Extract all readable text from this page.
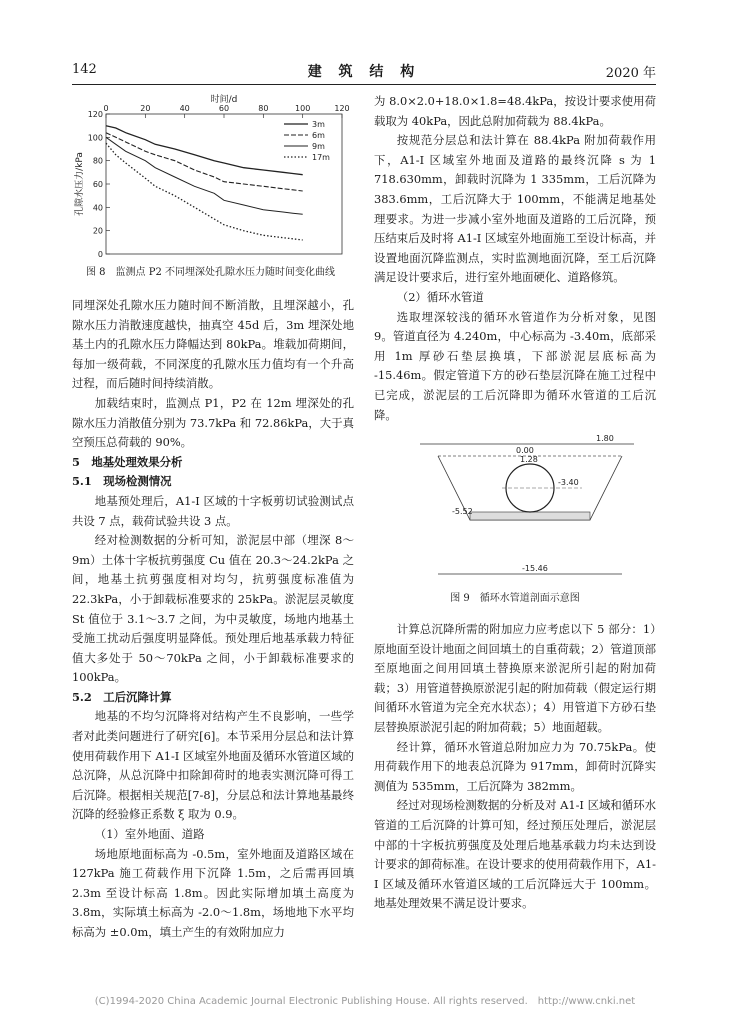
142	建 筑 结 构	2020 年
时间/d
孔隙水压力/kPa
0	20	40	60	80	100	120
120
100
80
60
40
20
0
3m
6m
9m
17m
图 8　监测点 P2 不同埋深处孔隙水压力随时间变化曲线

同埋深处孔隙水压力随时间不断消散，且埋深越小，孔隙水压力消散速度越快，抽真空 45d 后，3m 埋深处地基土内的孔隙水压力降幅达到 80kPa。堆载加荷期间，每加一级荷载，不同深度的孔隙水压力值均有一个升高过程，而后随时间持续消散。

加载结束时，监测点 P1，P2 在 12m 埋深处的孔隙水压力消散值分别为 73.7kPa 和 72.86kPa，大于真空预压总荷载的 90%。

5　地基处理效果分析

5.1　现场检测情况

地基预处理后，A1-I 区域的十字板剪切试验测试点共设 7 点，载荷试验共设 3 点。

经对检测数据的分析可知，淤泥层中部（埋深 8～9m）土体十字板抗剪强度 Cu 值在 20.3～24.2kPa 之间，地基土抗剪强度相对均匀，抗剪强度标准值为 22.3kPa，小于卸载标准要求的 25kPa。淤泥层灵敏度 St 值位于 3.1～3.7 之间，为中灵敏度，场地内地基土受施工扰动后强度明显降低。预处理后地基承载力特征值大多处于 50～70kPa 之间，小于卸载标准要求的 100kPa。

5.2　工后沉降计算

地基的不均匀沉降将对结构产生不良影响，一些学者对此类问题进行了研究[6]。本节采用分层总和法计算使用荷载作用下 A1-I 区域室外地面及循环水管道区域的总沉降，从总沉降中扣除卸荷时的地表实测沉降可得工后沉降。根据相关规范[7-8]，分层总和法计算地基最终沉降的经验修正系数 ξ 取为 0.9。

（1）室外地面、道路

场地原地面标高为 -0.5m，室外地面及道路区域在 127kPa 施工荷载作用下沉降 1.5m，之后需再回填 2.3m 至设计标高 1.8m。因此实际增加填土高度为 3.8m，实际填土标高为 -2.0～1.8m，场地地下水平均标高为 ±0.0m，填土产生的有效附加应力

为 8.0×2.0+18.0×1.8=48.4kPa，按设计要求使用荷载取为 40kPa，因此总附加荷载为 88.4kPa。

按规范分层总和法计算在 88.4kPa 附加荷载作用下，A1-I 区域室外地面及道路的最终沉降 s 为 1 718.630mm，卸载时沉降为 1 335mm，工后沉降为 383.6mm，工后沉降大于 100mm，不能满足地基处理要求。为进一步减小室外地面及道路的工后沉降，预压结束后及时将 A1-I 区域室外地面施工至设计标高，并设置地面沉降监测点，实时监测地面沉降，至工后沉降满足设计要求后，进行室外地面硬化、道路修筑。

（2）循环水管道

选取埋深较浅的循环水管道作为分析对象，见图 9。管道直径为 4.240m，中心标高为 -3.40m，底部采用 1m 厚砂石垫层换填，下部淤泥层底标高为 -15.46m。假定管道下方的砂石垫层沉降在施工过程中已完成，淤泥层的工后沉降即为循环水管道的工后沉降。

1.80
0.00
1.28
-3.40
-5.52
-15.46
图 9　循环水管道剖面示意图

计算总沉降所需的附加应力应考虑以下 5 部分：1）原地面至设计地面之间回填土的自重荷载；2）管道顶部至原地面之间用回填土替换原来淤泥所引起的附加荷载；3）用管道替换原淤泥引起的附加荷载（假定运行期间循环水管道为完全充水状态）；4）用管道下方砂石垫层替换原淤泥引起的附加荷载；5）地面超载。

经计算，循环水管道总附加应力为 70.75kPa。使用荷载作用下的地表总沉降为 917mm，卸荷时沉降实测值为 535mm，工后沉降为 382mm。

经过对现场检测数据的分析及对 A1-I 区域和循环水管道的工后沉降的计算可知，经过预压处理后，淤泥层中部的十字板抗剪强度及处理后地基承载力均未达到设计要求的卸荷标准。在设计要求的使用荷载作用下，A1-I 区域及循环水管道区域的工后沉降远大于 100mm。地基处理效果不满足设计要求。

(C)1994-2020 China Academic Journal Electronic Publishing House. All rights reserved.　http://www.cnki.net
